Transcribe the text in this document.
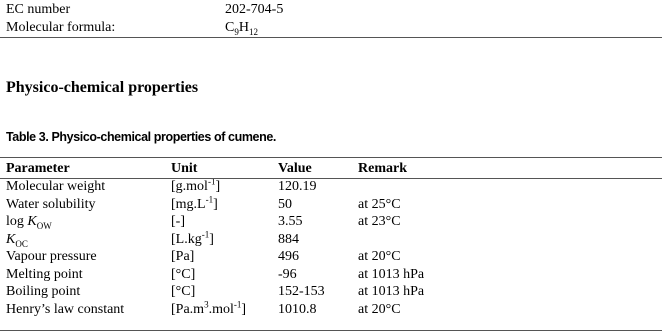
EC number	202-704-5
Molecular formula:	$C_9H_{12}$
Physico-chemical properties
Table 3. Physico-chemical properties of cumene.
Parameter	Unit	Value	Remark
Molecular weight	[g.mol$^{-1}$]	120.19	
Water solubility	$[mg.L^{-1}]$	50	at 25°C
$\log K_{OW}$	[-]	3.55	at 23°C
$K_{OC}$	$[L.kg^{-1}]$	884	
Vapour pressure	[Pa]	496	at 20°C
Melting point	[°C]	-96	at 1013 hPa
Boiling point	[°C]	152-153	at 1013 hPa
Henry’s law constant	$[Pa.m^3.mol^{-1}]$	1010.8	at 20°C
